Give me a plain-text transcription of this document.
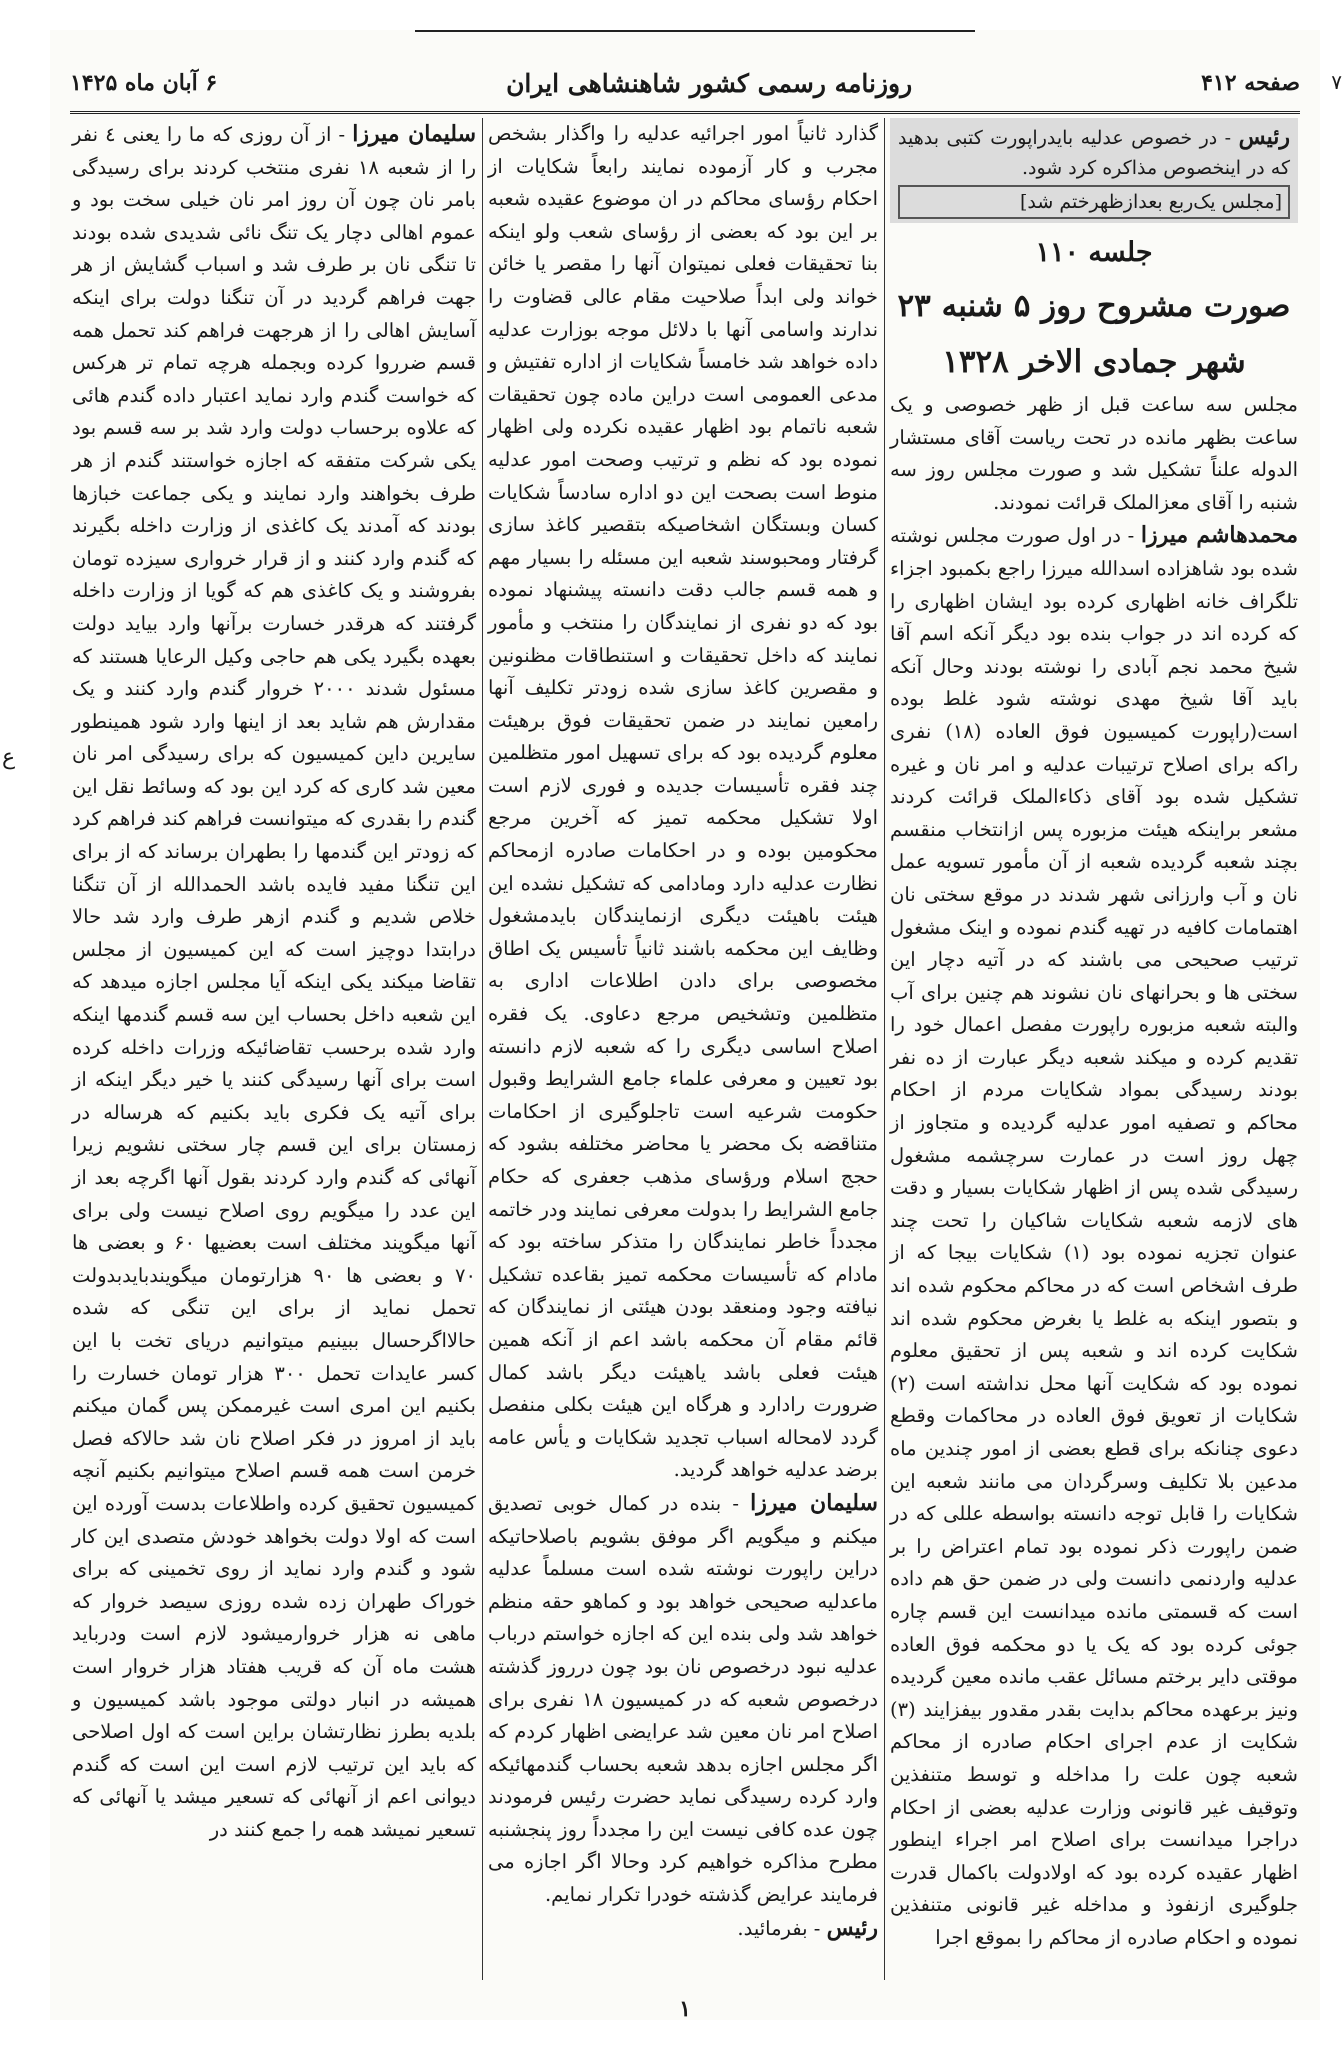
صفحه ۴۱۲
روزنامه رسمی کشور شاهنشاهی ایران
۶ آبان ماه ۱۴۲۵

رئیس - در خصوص عدلیه بایدراپورت کتبی بدهید که در اینخصوص مذاکره کرد شود.

[مجلس یک‌ربع بعدازظهرختم شد]
جلسه ۱۱۰
صورت مشروح روز ۵ شنبه ۲۳
شهر جمادی الاخر ۱۳۲۸

مجلس سه ساعت قبل از ظهر خصوصی و یک ساعت بظهر مانده در تحت ریاست آقای مستشار الدوله علناً تشکیل شد و صورت مجلس روز سه شنبه را آقای معزالملک قرائت نمودند.

محمدهاشم میرزا - در اول صورت مجلس نوشته شده بود شاهزاده اسدالله میرزا راجع بکمبود اجزاء تلگراف خانه اظهاری کرده بود ایشان اظهاری را که کرده اند در جواب بنده بود دیگر آنکه اسم آقا شیخ محمد نجم آبادی را نوشته بودند وحال آنکه باید آقا شیخ مهدی نوشته شود غلط بوده است(راپورت کمیسیون فوق العاده (۱۸) نفری راکه برای اصلاح ترتیبات عدلیه و امر نان و غیره تشکیل شده بود آقای ذکاءالملک قرائت کردند مشعر براینکه هیئت مزبوره پس ازانتخاب منقسم بچند شعبه گردیده شعبه از آن مأمور تسویه عمل نان و آب وارزانی شهر شدند در موقع سختی نان اهتمامات کافیه در تهیه گندم نموده و اینک مشغول ترتیب صحیحی می باشند که در آتیه دچار این سختی ها و بحرانهای نان نشوند هم چنین برای آب والبته شعبه مزبوره راپورت مفصل اعمال خود را تقدیم کرده و میکند شعبه دیگر عبارت از ده نفر بودند رسیدگی بمواد شکایات مردم از احکام محاکم و تصفیه امور عدلیه گردیده و متجاوز از چهل روز است در عمارت سرچشمه مشغول رسیدگی شده پس از اظهار شکایات بسیار و دقت های لازمه شعبه شکایات شاکیان را تحت چند عنوان تجزیه نموده بود (۱) شکایات بیجا که از طرف اشخاص است که در محاکم محکوم شده اند و بتصور اینکه به غلط یا بغرض محکوم شده اند شکایت کرده اند و شعبه پس از تحقیق معلوم نموده بود که شکایت آنها محل نداشته است (۲) شکایات از تعویق فوق العاده در محاکمات وقطع دعوی چنانکه برای قطع بعضی از امور چندین ماه مدعین بلا تکلیف وسرگردان می مانند شعبه این شکایات را قابل توجه دانسته بواسطه عللی که در ضمن راپورت ذکر نموده بود تمام اعتراض را بر عدلیه واردنمی دانست ولی در ضمن حق هم داده است که قسمتی مانده میدانست این قسم چاره جوئی کرده بود که یک یا دو محکمه فوق العاده موقتی دایر برختم مسائل عقب مانده معین گردیده ونیز برعهده محاکم بدایت بقدر مقدور بیفزایند (۳) شکایت از عدم اجرای احکام صادره از محاکم شعبه چون علت را مداخله و توسط متنفذین وتوقیف غیر قانونی وزارت عدلیه بعضی از احکام دراجرا میدانست برای اصلاح امر اجراء اینطور اظهار عقیده کرده بود که اولادولت باکمال قدرت جلوگیری ازنفوذ و مداخله غیر قانونی متنفذین نموده و احکام صادره از محاکم را بموقع اجرا

گذارد ثانیاً امور اجرائیه عدلیه را واگذار بشخص مجرب و کار آزموده نمایند رابعاً شکایات از احکام رؤسای محاکم در ان موضوع عقیده شعبه بر این بود که بعضی از رؤسای شعب ولو اینکه بنا تحقیقات فعلی نمیتوان آنها را مقصر یا خائن خواند ولی ابداً صلاحیت مقام عالی قضاوت را ندارند واسامی آنها با دلائل موجه بوزارت عدلیه داده خواهد شد خامساً شکایات از اداره تفتیش و مدعی العمومی است دراین ماده چون تحقیقات شعبه ناتمام بود اظهار عقیده نکرده ولی اظهار نموده بود که نظم و ترتیب وصحت امور عدلیه منوط است بصحت این دو اداره سادساً شکایات کسان وبستگان اشخاصیکه بتقصیر کاغذ سازی گرفتار ومحبوسند شعبه این مسئله را بسیار مهم و همه قسم جالب دقت دانسته پیشنهاد نموده بود که دو نفری از نمایندگان را منتخب و مأمور نمایند که داخل تحقیقات و استنطاقات مظنونین و مقصرین کاغذ سازی شده زودتر تکلیف آنها رامعین نمایند در ضمن تحقیقات فوق برهیئت معلوم گردیده بود که برای تسهیل امور متظلمین چند فقره تأسیسات جدیده و فوری لازم است اولا تشکیل محکمه تمیز که آخرین مرجع محکومین بوده و در احکامات صادره ازمحاکم نظارت عدلیه دارد ومادامی که تشکیل نشده این هیئت باهیئت دیگری ازنمایندگان بایدمشغول وظایف این محکمه باشند ثانیاً تأسیس یک اطاق مخصوصی برای دادن اطلاعات اداری به متظلمین وتشخیص مرجع دعاوی. یک فقره اصلاح اساسی دیگری را که شعبه لازم دانسته بود تعیین و معرفی علماء جامع الشرایط وقبول حکومت شرعیه است تاجلوگیری از احکامات متناقضه بک محضر یا محاضر مختلفه بشود که حجج اسلام ورؤسای مذهب جعفری که حکام جامع الشرایط را بدولت معرفی نمایند ودر خاتمه مجدداً خاطر نمایندگان را متذکر ساخته بود که مادام که تأسیسات محکمه تمیز بقاعده تشکیل نیافته وجود ومنعقد بودن هیئتی از نمایندگان که قائم مقام آن محکمه باشد اعم از آنکه همین هیئت فعلی باشد یاهیئت دیگر باشد کمال ضرورت رادارد و هرگاه این هیئت بکلی منفصل گردد لامحاله اسباب تجدید شکایات و یأس عامه برضد عدلیه خواهد گردید.

سلیمان میرزا - بنده در کمال خوبی تصدیق میکنم و میگویم اگر موفق بشویم باصلاحاتیکه دراین راپورت نوشته شده است مسلماً عدلیه ماعدلیه صحیحی خواهد بود و کماهو حقه منظم خواهد شد ولی بنده این که اجازه خواستم درباب عدلیه نبود درخصوص نان بود چون درروز گذشته درخصوص شعبه که در کمیسیون ۱۸ نفری برای اصلاح امر نان معین شد عرایضی اظهار کردم که اگر مجلس اجازه بدهد شعبه بحساب گندمهائیکه وارد کرده رسیدگی نماید حضرت رئیس فرمودند چون عده کافی نیست این را مجدداً روز پنجشنبه مطرح مذاکره خواهیم کرد وحالا اگر اجازه می فرمایند عرایض گذشته خودرا تکرار نمایم.

رئیس - بفرمائید.

سلیمان میرزا - از آن روزی که ما را یعنی ٤ نفر را از شعبه ۱۸ نفری منتخب کردند برای رسیدگی بامر نان چون آن روز امر نان خیلی سخت بود و عموم اهالی دچار یک تنگ نائی شدیدی شده بودند تا تنگی نان بر طرف شد و اسباب گشایش از هر جهت فراهم گردید در آن تنگنا دولت برای اینکه آسایش اهالی را از هرجهت فراهم کند تحمل همه قسم ضرروا کرده وبجمله هرچه تمام تر هرکس که خواست گندم وارد نماید اعتبار داده گندم هائی که علاوه برحساب دولت وارد شد بر سه قسم بود یکی شرکت متفقه که اجازه خواستند گندم از هر طرف بخواهند وارد نمایند و یکی جماعت خبازها بودند که آمدند یک کاغذی از وزارت داخله بگیرند که گندم وارد کنند و از قرار خرواری سیزده تومان بفروشند و یک کاغذی هم که گویا از وزارت داخله گرفتند که هرقدر خسارت برآنها وارد بیاید دولت بعهده بگیرد یکی هم حاجی وکیل الرعایا هستند که مسئول شدند ۲۰۰۰ خروار گندم وارد کنند و یک مقدارش هم شاید بعد از اینها وارد شود همینطور سایرین داین کمیسیون که برای رسیدگی امر نان معین شد کاری که کرد این بود که وسائط نقل این گندم را بقدری که میتوانست فراهم کند فراهم کرد که زودتر این گندمها را بطهران برساند که از برای این تنگنا مفید فایده باشد الحمدالله از آن تنگنا خلاص شدیم و گندم ازهر طرف وارد شد حالا درابتدا دوچیز است که این کمیسیون از مجلس تقاضا میکند یکی اینکه آیا مجلس اجازه میدهد که این شعبه داخل بحساب این سه قسم گندمها اینکه وارد شده برحسب تقاضائیکه وزرات داخله کرده است برای آنها رسیدگی کنند یا خیر دیگر اینکه از برای آتیه یک فکری باید بکنیم که هرساله در زمستان برای این قسم چار سختی نشویم زیرا آنهائی که گندم وارد کردند بقول آنها اگرچه بعد از این عدد را میگویم روی اصلاح نیست ولی برای آنها میگویند مختلف است بعضیها ۶۰ و بعضی ها ۷۰ و بعضی ها ۹۰ هزارتومان میگویندبایدبدولت تحمل نماید از برای این تنگی که شده حالااگرحسال ببینیم میتوانیم دریای تخت با این کسر عایدات تحمل ۳۰۰ هزار تومان خسارت را بکنیم این امری است غیرممکن پس گمان میکنم باید از امروز در فکر اصلاح نان شد حالاکه فصل خرمن است همه قسم اصلاح میتوانیم بکنیم آنچه کمیسیون تحقیق کرده واطلاعات بدست آورده این است که اولا دولت بخواهد خودش متصدی این کار شود و گندم وارد نماید از روی تخمینی که برای خوراک طهران زده شده روزی سیصد خروار که ماهی نه هزار خروارمیشود لازم است ودرباید هشت ماه آن که قریب هفتاد هزار خروار است همیشه در انبار دولتی موجود باشد کمیسیون و بلدیه بطرز نظارتشان براین است که اول اصلاحی که باید این ترتیب لازم است این است که گندم دیوانی اعم از آنهائی که تسعیر میشد یا آنهائی که تسعیر نمیشد همه را جمع کنند در

۱
۷
ع
